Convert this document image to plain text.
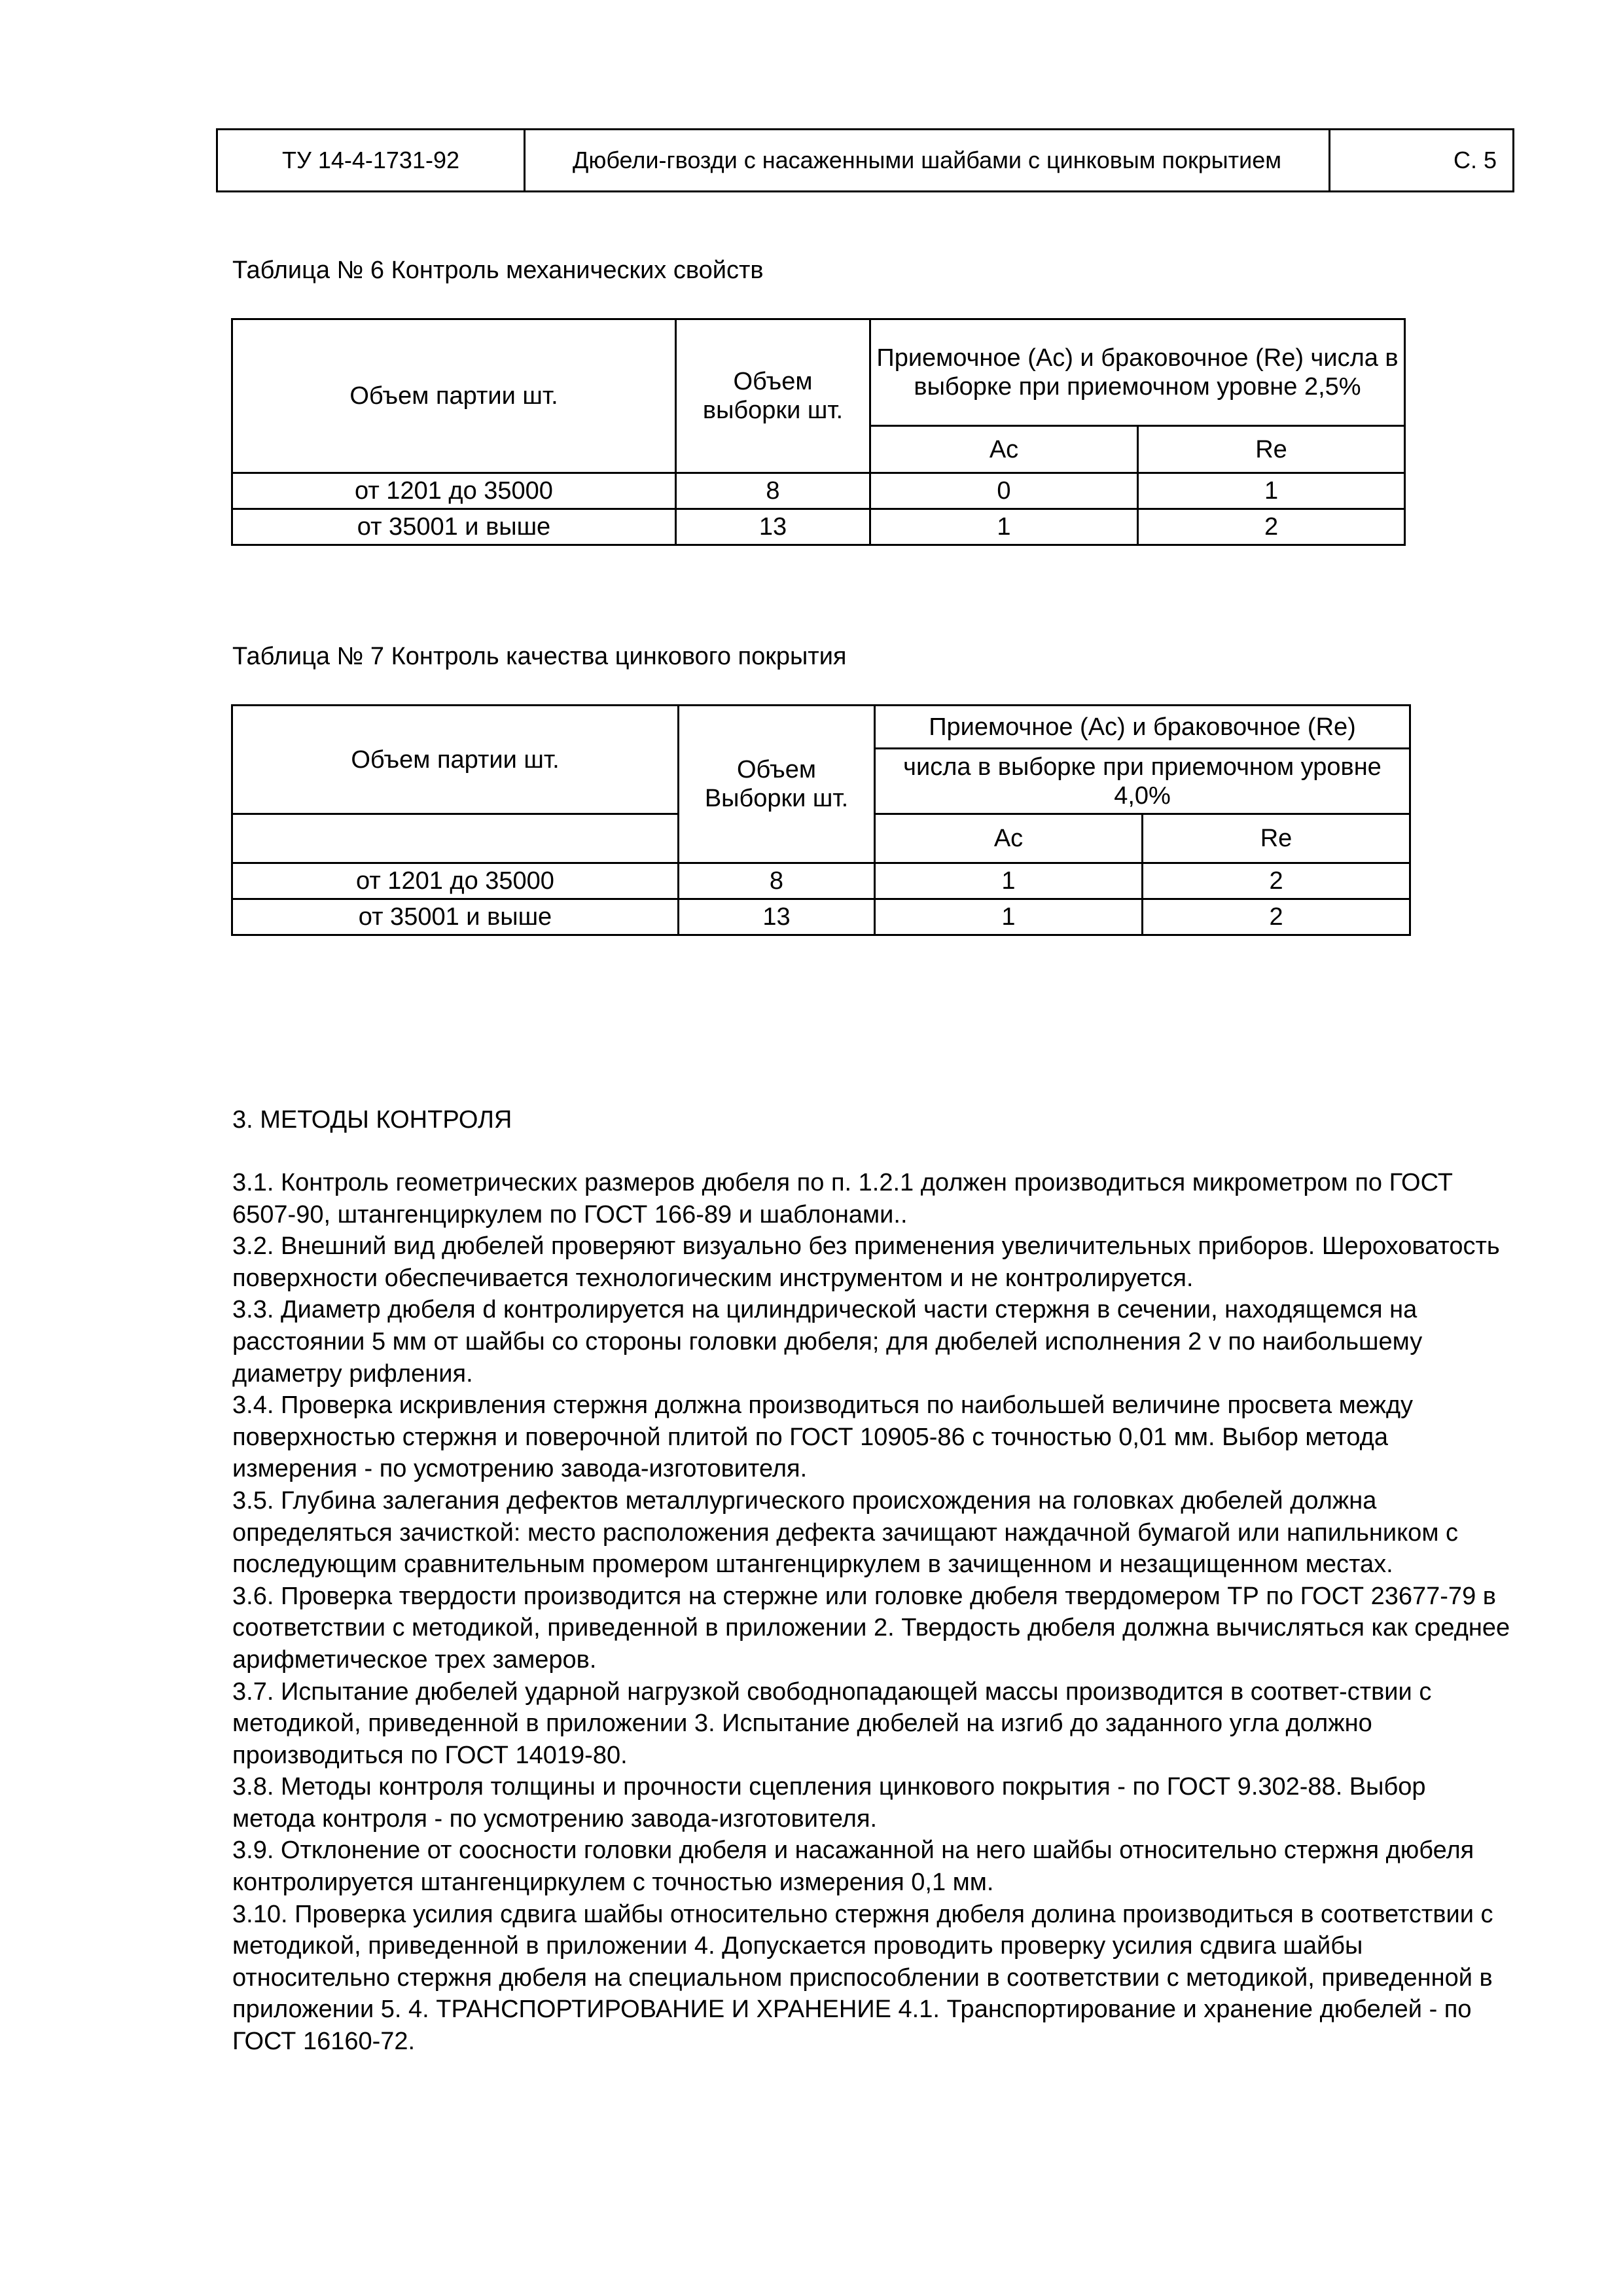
ТУ 14-4-1731-92	Дюбели-гвозди с насаженными шайбами с цинковым покрытием	С. 5
Таблица № 6 Контроль механических свойств
Объем партии шт.	Объем выборки шт.	Приемочное (Ас) и браковочное (Re) числа в выборке при приемочном уровне 2,5%	
		Ас	Re
от 1201 до 35000	8	0	1
от 35001 и выше	13	1	2
Таблица № 7 Контроль качества цинкового покрытия
Объем партии шт.	Объем Выборки шт.	Приемочное (Ас) и браковочное (Re)	
		числа в выборке при приемочном уровне 4,0%	
		Ас	Re
от 1201 до 35000	8	1	2
от 35001 и выше	13	1	2
3. МЕТОДЫ КОНТРОЛЯ

3.1. Контроль геометрических размеров дюбеля по п. 1.2.1 должен производиться микрометром по ГОСТ 6507-90, штангенциркулем по ГОСТ 166-89 и шаблонами..

3.2. Внешний вид дюбелей проверяют визуально без применения увеличительных приборов. Шероховатость поверхности обеспечивается технологическим инструментом и не контролируется.

3.3. Диаметр дюбеля d контролируется на цилиндрической части стержня в сечении, находящемся на расстоянии 5 мм от шайбы со стороны головки дюбеля; для дюбелей исполнения 2 v по наибольшему диаметру рифления.

3.4. Проверка искривления стержня должна производиться по наибольшей величине просвета между поверхностью стержня и поверочной плитой по ГОСТ 10905-86 с точностью 0,01 мм. Выбор метода измерения - по усмотрению завода-изготовителя.

3.5. Глубина залегания дефектов металлургического происхождения на головках дюбелей должна определяться зачисткой: место расположения дефекта зачищают наждачной бумагой или напильником с последующим сравнительным промером штангенциркулем в зачищенном и незащищенном местах.

3.6. Проверка твердости производится на стержне или головке дюбеля твердомером ТР по ГОСТ 23677-79 в соответствии с методикой, приведенной в приложении 2. Твердость дюбеля должна вычисляться как среднее арифметическое трех замеров.

3.7. Испытание дюбелей ударной нагрузкой свободнопадающей массы производится в соответ-ствии с методикой, приведенной в приложении 3. Испытание дюбелей на изгиб до заданного угла должно производиться по ГОСТ 14019-80.

3.8. Методы контроля толщины и прочности сцепления цинкового покрытия - по ГОСТ 9.302-88. Выбор метода контроля - по усмотрению завода-изготовителя.

3.9. Отклонение от соосности головки дюбеля и насажанной на него шайбы относительно стержня дюбеля контролируется штангенциркулем с точностью измерения 0,1 мм.

3.10. Проверка усилия сдвига шайбы относительно стержня дюбеля долина производиться в соответствии с методикой, приведенной в приложении 4. Допускается проводить проверку усилия сдвига шайбы относительно стержня дюбеля на специальном приспособлении в соответствии с методикой, приведенной в приложении 5. 4. ТРАНСПОРТИРОВАНИЕ И ХРАНЕНИЕ 4.1. Транспортирование и хранение дюбелей - по ГОСТ 16160-72.
